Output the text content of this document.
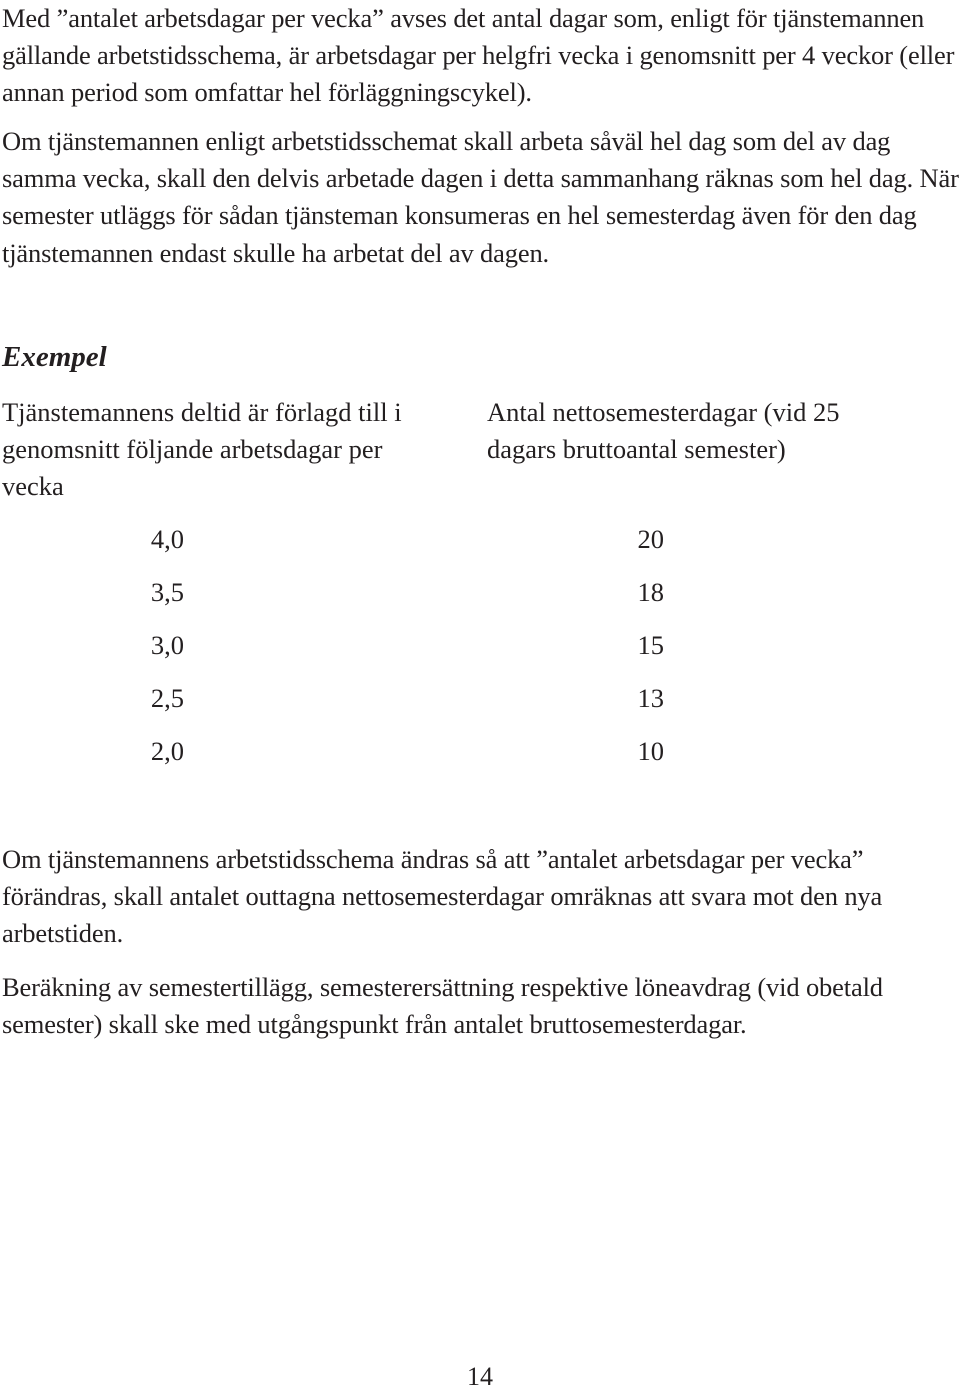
Med ”antalet arbetsdagar per vecka” avses det antal dagar som, enligt för tjänstemannen gällande arbetstidsschema, är arbetsdagar per helgfri vecka i genomsnitt per 4 veckor (eller annan period som omfattar hel förläggningscykel).

Om tjänstemannen enligt arbetstidsschemat skall arbeta såväl hel dag som del av dag samma vecka, skall den delvis arbetade dagen i detta sammanhang räknas som hel dag. När semester utläggs för sådan tjänsteman konsumeras en hel semesterdag även för den dag tjänstemannen endast skulle ha arbetat del av dagen.

Exempel

Tjänstemannens deltid är förlagd till i genomsnitt följande arbetsdagar per vecka

Antal nettosemesterdagar (vid 25 dagars bruttoantal semester)

4,0	20
3,5	18
3,0	15
2,5	13
2,0	10

Om tjänstemannens arbetstidsschema ändras så att ”antalet arbetsdagar per vecka” förändras, skall antalet outtagna nettosemesterdagar omräknas att svara mot den nya arbetstiden.

Beräkning av semestertillägg, semesterersättning respektive löneavdrag (vid obetald semester) skall ske med utgångspunkt från antalet bruttosemesterdagar.

14
